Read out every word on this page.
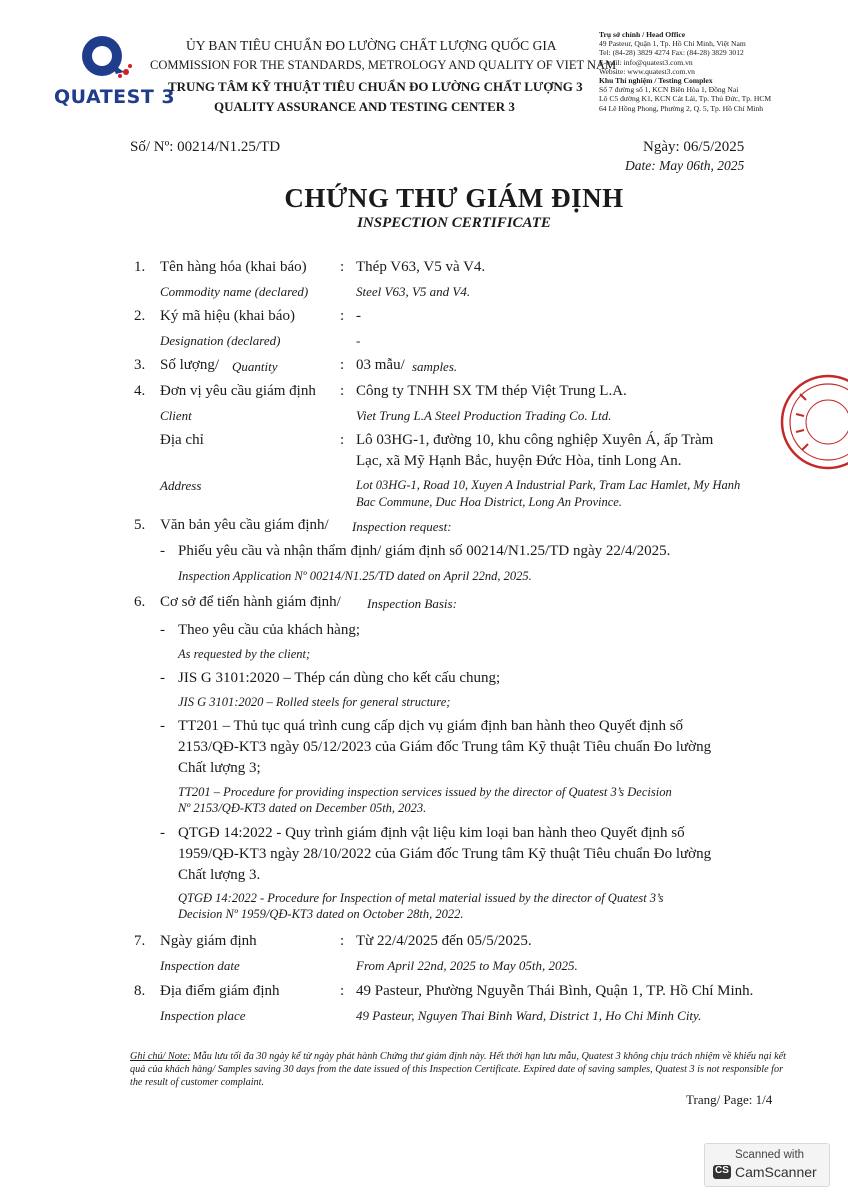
QUATEST 3
ỦY BAN TIÊU CHUẨN ĐO LƯỜNG CHẤT LƯỢNG QUỐC GIA
COMMISSION FOR THE STANDARDS, METROLOGY AND QUALITY OF VIET NAM
TRUNG TÂM KỸ THUẬT TIÊU CHUẨN ĐO LƯỜNG CHẤT LƯỢNG 3
QUALITY ASSURANCE AND TESTING CENTER 3
Trụ sở chính / Head Office
49 Pasteur, Quận 1, Tp. Hồ Chí Minh, Việt Nam
Tel: (84-28) 3829 4274 Fax: (84-28) 3829 3012
E-mail: info@quatest3.com.vn
Website: www.quatest3.com.vn
Khu Thí nghiệm / Testing Complex
Số 7 đường số 1, KCN Biên Hòa 1, Đồng Nai
Lô C5 đường K1, KCN Cát Lái, Tp. Thủ Đức, Tp. HCM
64 Lê Hồng Phong, Phường 2, Q. 5, Tp. Hồ Chí Minh
Số/ Nº: 00214/N1.25/TD	Ngày: 06/5/2025
Date: May 06th, 2025
CHỨNG THƯ GIÁM ĐỊNH
INSPECTION CERTIFICATE
1. Tên hàng hóa (khai báo) : Thép V63, V5 và V4.
Commodity name (declared)	Steel V63, V5 and V4.
2. Ký mã hiệu (khai báo)	: -
Designation (declared)	-
3. Số lượng/ Quantity	: 03 mẫu/ samples.
4. Đơn vị yêu cầu giám định : Công ty TNHH SX TM thép Việt Trung L.A.
Client	Viet Trung L.A Steel Production Trading Co. Ltd.
Địa chỉ	: Lô 03HG-1, đường 10, khu công nghiệp Xuyên Á, ấp Tràm
Lạc, xã Mỹ Hạnh Bắc, huyện Đức Hòa, tỉnh Long An.
Address	Lot 03HG-1, Road 10, Xuyen A Industrial Park, Tram Lac Hamlet, My Hanh
Bac Commune, Duc Hoa District, Long An Province.
5. Văn bản yêu cầu giám định/ Inspection request:
- Phiếu yêu cầu và nhận thẩm định/ giám định số 00214/N1.25/TD ngày 22/4/2025.
Inspection Application Nº 00214/N1.25/TD dated on April 22nd, 2025.
6. Cơ sở để tiến hành giám định/ Inspection Basis:
- Theo yêu cầu của khách hàng;
As requested by the client;
- JIS G 3101:2020 – Thép cán dùng cho kết cấu chung;
JIS G 3101:2020 – Rolled steels for general structure;
- TT201 – Thủ tục quá trình cung cấp dịch vụ giám định ban hành theo Quyết định số
2153/QĐ-KT3 ngày 05/12/2023 của Giám đốc Trung tâm Kỹ thuật Tiêu chuẩn Đo lường
Chất lượng 3;
TT201 – Procedure for providing inspection services issued by the director of Quatest 3’s Decision
Nº 2153/QĐ-KT3 dated on December 05th, 2023.
- QTGĐ 14:2022 - Quy trình giám định vật liệu kim loại ban hành theo Quyết định số
1959/QĐ-KT3 ngày 28/10/2022 của Giám đốc Trung tâm Kỹ thuật Tiêu chuẩn Đo lường
Chất lượng 3.
QTGĐ 14:2022 - Procedure for Inspection of metal material issued by the director of Quatest 3’s
Decision Nº 1959/QĐ-KT3 dated on October 28th, 2022.
7. Ngày giám định	: Từ 22/4/2025 đến 05/5/2025.
Inspection date	From April 22nd, 2025 to May 05th, 2025.
8. Địa điểm giám định	: 49 Pasteur, Phường Nguyễn Thái Bình, Quận 1, TP. Hồ Chí Minh.
Inspection place	49 Pasteur, Nguyen Thai Binh Ward, District 1, Ho Chi Minh City.
Ghi chú/ Note: Mẫu lưu tối đa 30 ngày kể từ ngày phát hành Chứng thư giám định này. Hết thời hạn lưu mẫu, Quatest 3 không chịu trách nhiệm về khiếu nại kết quả của khách hàng/ Samples saving 30 days from the date issued of this Inspection Certificate. Expired date of saving samples, Quatest 3 is not responsible for the result of customer complaint.
Trang/ Page: 1/4
Scanned with
CS CamScanner
